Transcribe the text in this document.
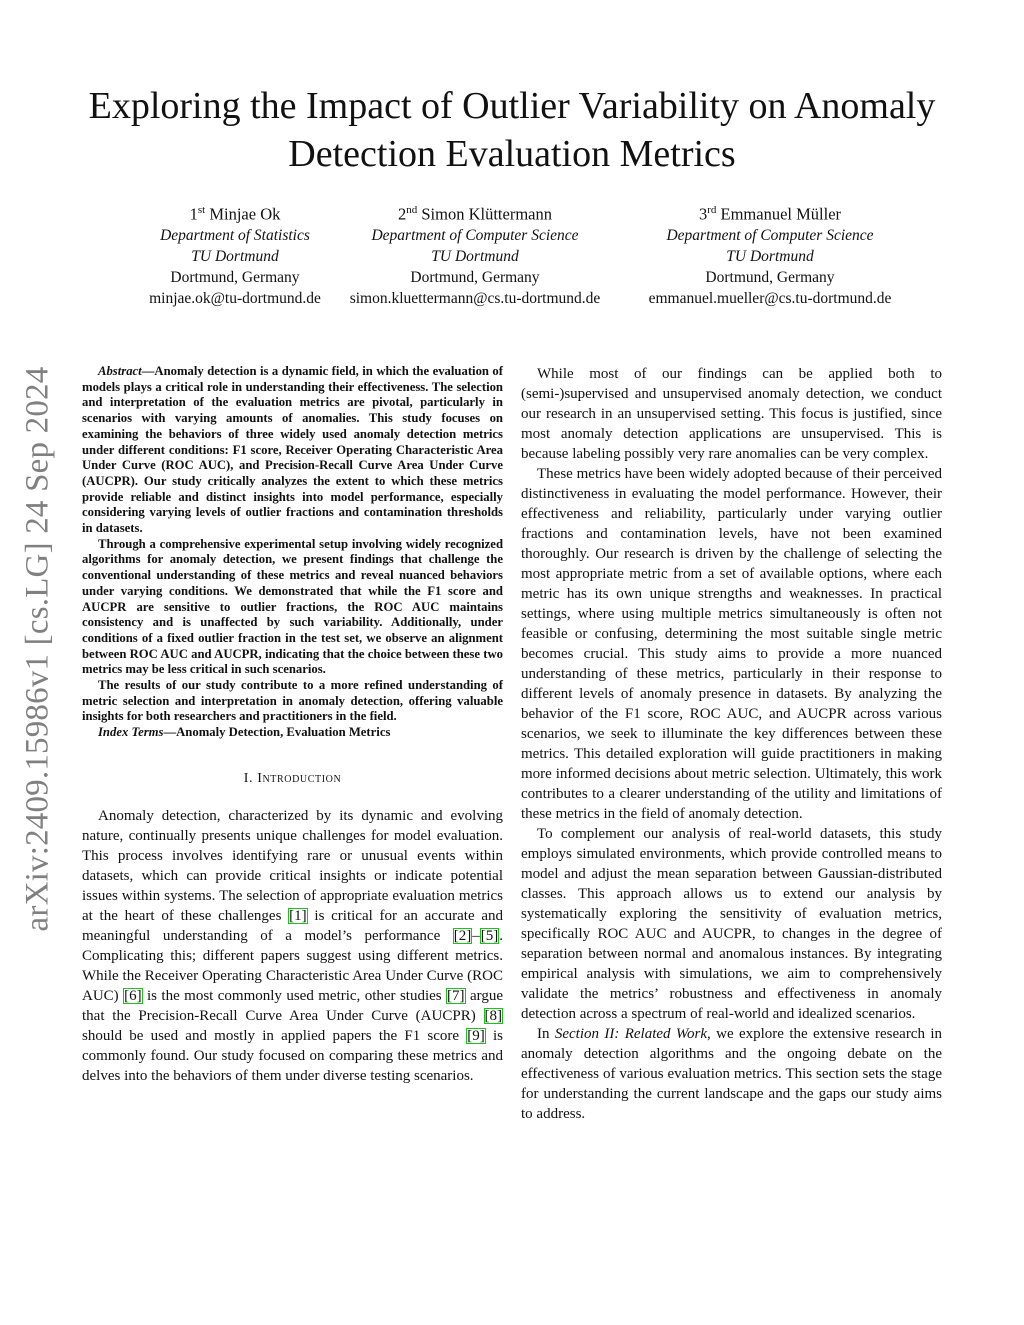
arXiv:2409.15986v1 [cs.LG] 24 Sep 2024
Exploring the Impact of Outlier Variability on Anomaly Detection Evaluation Metrics
1st Minjae Ok
Department of Statistics
TU Dortmund
Dortmund, Germany
minjae.ok@tu-dortmund.de
2nd Simon Klüttermann
Department of Computer Science
TU Dortmund
Dortmund, Germany
simon.kluettermann@cs.tu-dortmund.de
3rd Emmanuel Müller
Department of Computer Science
TU Dortmund
Dortmund, Germany
emmanuel.mueller@cs.tu-dortmund.de

Abstract—Anomaly detection is a dynamic field, in which the evaluation of models plays a critical role in understanding their effectiveness. The selection and interpretation of the evaluation metrics are pivotal, particularly in scenarios with varying amounts of anomalies. This study focuses on examining the behaviors of three widely used anomaly detection metrics under different conditions: F1 score, Receiver Operating Characteristic Area Under Curve (ROC AUC), and Precision-Recall Curve Area Under Curve (AUCPR). Our study critically analyzes the extent to which these metrics provide reliable and distinct insights into model performance, especially considering varying levels of outlier fractions and contamination thresholds in datasets.

Through a comprehensive experimental setup involving widely recognized algorithms for anomaly detection, we present findings that challenge the conventional understanding of these metrics and reveal nuanced behaviors under varying conditions. We demonstrated that while the F1 score and AUCPR are sensitive to outlier fractions, the ROC AUC maintains consistency and is unaffected by such variability. Additionally, under conditions of a fixed outlier fraction in the test set, we observe an alignment between ROC AUC and AUCPR, indicating that the choice between these two metrics may be less critical in such scenarios.

The results of our study contribute to a more refined understanding of metric selection and interpretation in anomaly detection, offering valuable insights for both researchers and practitioners in the field.

Index Terms—Anomaly Detection, Evaluation Metrics

I. Introduction

Anomaly detection, characterized by its dynamic and evolving nature, continually presents unique challenges for model evaluation. This process involves identifying rare or unusual events within datasets, which can provide critical insights or indicate potential issues within systems. The selection of appropriate evaluation metrics at the heart of these challenges [1] is critical for an accurate and meaningful understanding of a model’s performance [2]–[5]. Complicating this; different papers suggest using different metrics. While the Receiver Operating Characteristic Area Under Curve (ROC AUC) [6] is the most commonly used metric, other studies [7] argue that the Precision-Recall Curve Area Under Curve (AUCPR) [8] should be used and mostly in applied papers the F1 score [9] is commonly found. Our study focused on comparing these metrics and delves into the behaviors of them under diverse testing scenarios.

While most of our findings can be applied both to (semi-)supervised and unsupervised anomaly detection, we conduct our research in an unsupervised setting. This focus is justified, since most anomaly detection applications are unsupervised. This is because labeling possibly very rare anomalies can be very complex.

These metrics have been widely adopted because of their perceived distinctiveness in evaluating the model performance. However, their effectiveness and reliability, particularly under varying outlier fractions and contamination levels, have not been examined thoroughly. Our research is driven by the challenge of selecting the most appropriate metric from a set of available options, where each metric has its own unique strengths and weaknesses. In practical settings, where using multiple metrics simultaneously is often not feasible or confusing, determining the most suitable single metric becomes crucial. This study aims to provide a more nuanced understanding of these metrics, particularly in their response to different levels of anomaly presence in datasets. By analyzing the behavior of the F1 score, ROC AUC, and AUCPR across various scenarios, we seek to illuminate the key differences between these metrics. This detailed exploration will guide practitioners in making more informed decisions about metric selection. Ultimately, this work contributes to a clearer understanding of the utility and limitations of these metrics in the field of anomaly detection.

To complement our analysis of real-world datasets, this study employs simulated environments, which provide controlled means to model and adjust the mean separation between Gaussian-distributed classes. This approach allows us to extend our analysis by systematically exploring the sensitivity of evaluation metrics, specifically ROC AUC and AUCPR, to changes in the degree of separation between normal and anomalous instances. By integrating empirical analysis with simulations, we aim to comprehensively validate the metrics’ robustness and effectiveness in anomaly detection across a spectrum of real-world and idealized scenarios.

In Section II: Related Work, we explore the extensive research in anomaly detection algorithms and the ongoing debate on the effectiveness of various evaluation metrics. This section sets the stage for understanding the current landscape and the gaps our study aims to address.
